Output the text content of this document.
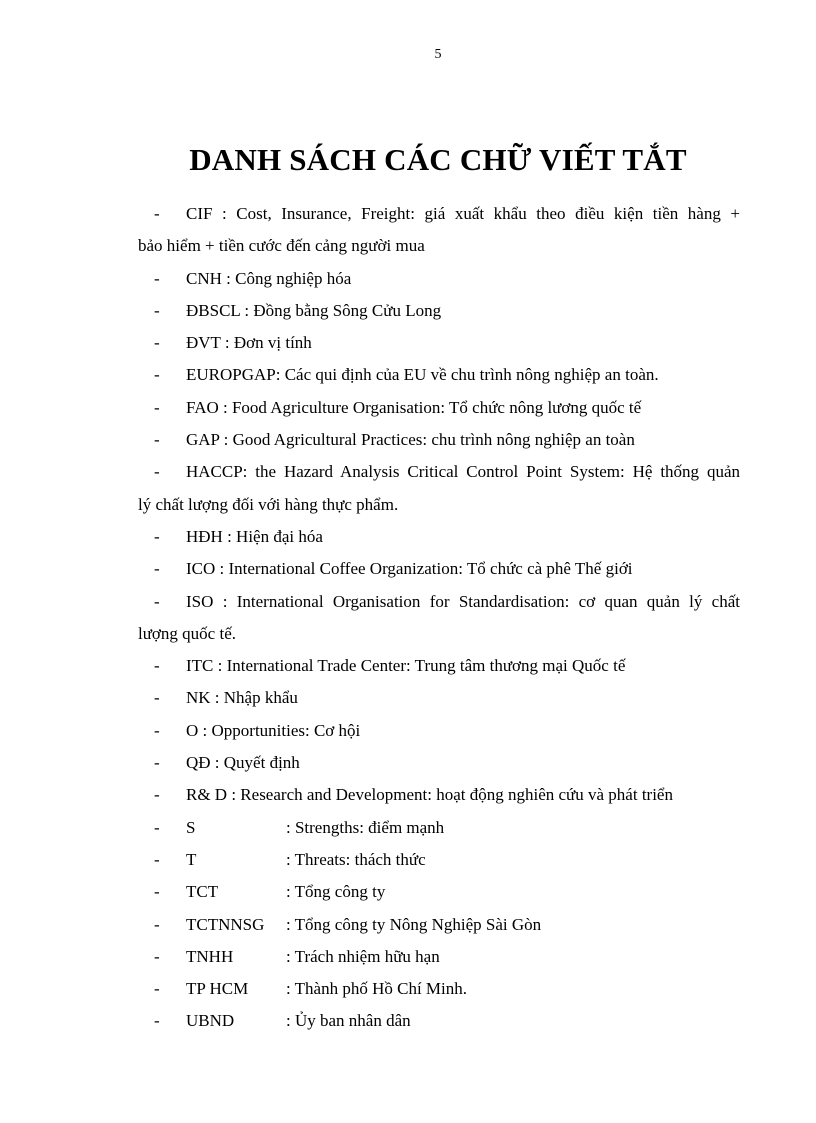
5
DANH SÁCH CÁC CHỮ VIẾT TẮT
- CIF : Cost, Insurance, Freight: giá xuất khẩu theo điều kiện tiền hàng +
bảo hiểm + tiền cước đến cảng người mua
- CNH : Công nghiệp hóa
- ĐBSCL : Đồng bằng Sông Cửu Long
- ĐVT : Đơn vị tính
- EUROPGAP: Các qui định của EU về chu trình nông nghiệp an toàn.
- FAO : Food Agriculture Organisation: Tổ chức nông lương quốc tế
- GAP : Good Agricultural Practices: chu trình nông nghiệp an toàn
- HACCP: the Hazard Analysis Critical Control Point System: Hệ thống quản
lý chất lượng đối với hàng thực phẩm.
- HĐH : Hiện đại hóa
- ICO : International Coffee Organization: Tổ chức cà phê Thế giới
- ISO : International Organisation for Standardisation: cơ quan quản lý chất
lượng quốc tế.
- ITC : International Trade Center: Trung tâm thương mại Quốc tế
- NK : Nhập khẩu
- O : Opportunities: Cơ hội
- QĐ : Quyết định
- R& D : Research and Development: hoạt động nghiên cứu và phát triển
- S	: Strengths: điểm mạnh
- T	: Threats: thách thức
- TCT	: Tổng công ty
- TCTNNSG : Tổng công ty Nông Nghiệp Sài Gòn
- TNHH	: Trách nhiệm hữu hạn
- TP HCM : Thành phố Hồ Chí Minh.
- UBND	: Ủy ban nhân dân
